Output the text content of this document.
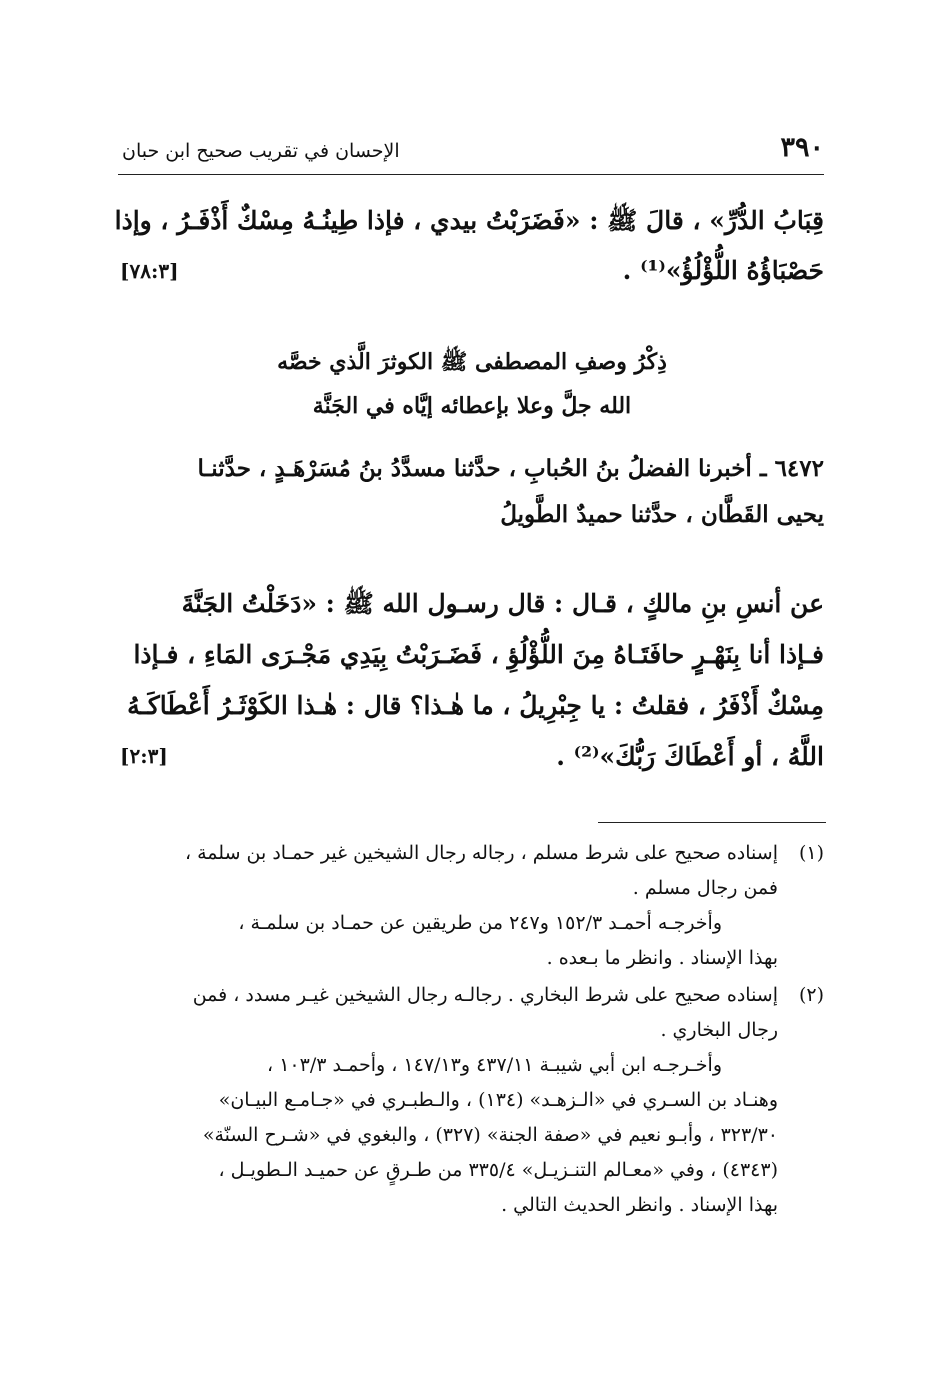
٣٩٠
الإحسان في تقريب صحيح ابن حبان
قِبَابُ الدُّرِّ» ، قالَ ﷺ : «فَضَرَبْتُ بيدي ، فإذا طِينُـهُ مِسْكٌ أَذْفَـرُ ، وإذا
حَصْبَاؤُهُ اللُّؤْلُؤُ»⁽¹⁾ .
[٧٨:٣]
ذِكْرُ وصفِ المصطفى ﷺ الكوثرَ الَّذي خصَّه
الله جلَّ وعلا بإعطائه إيَّاه في الجَنَّة
٦٤٧٢ ـ أخبرنا الفضلُ بنُ الحُبابِ ، حدَّثنا مسدَّدُ بنُ مُسَرْهَـدٍ ، حدَّثنـا
يحيى القَطَّان ، حدَّثنا حميدٌ الطَّويلُ
عن أنسِ بنِ مالكٍ ، قـال : قال رسـول الله ﷺ : «دَخَلْتُ الجَنَّةَ
فـإذا أنا بِنَهْـرٍ حافَتَـاهُ مِنَ اللُّؤْلُؤِ ، فَضَـرَبْتُ بِيَدِي مَجْـرَى المَاءِ ، فـإذا
مِسْكٌ أَذْفَرُ ، فقلتُ : يا جِبْرِيلُ ، ما هٰـذا؟ قال : هٰـذا الكَوْثَـرُ أَعْطَاكَـهُ
اللَّهُ ، أو أَعْطَاكَ رَبُّكَ»⁽²⁾ .
[٢:٣]
(١)
إسناده صحيح على شرط مسلم ، رجاله رجال الشيخين غير حمـاد بن سلمة ،
فمن رجال مسلم .
وأخرجـه أحمـد ١٥٢/٣ و٢٤٧ من طريقين عن حمـاد بن سلمـة ،
بهذا الإسناد . وانظر ما بـعده .
(٢)
إسناده صحيح على شرط البخاري . رجالـه رجال الشيخين غيـر مسدد ، فمن
رجال البخاري .
وأخـرجـه ابن أبي شيبـة ٤٣٧/١١ و١٤٧/١٣ ، وأحمـد ١٠٣/٣ ،
وهنـاد بن السـري في «الـزهـد» (١٣٤) ، والـطبـري في «جـامـع البيـان»
٣٢٣/٣٠ ، وأبـو نعيم في «صفة الجنة» (٣٢٧) ، والبغوي في «شـرح السنّة»
(٤٣٤٣) ، وفي «معـالم التنـزيـل» ٣٣٥/٤ من طـرقٍ عن حميـد الـطويـل ،
بهذا الإسناد . وانظر الحديث التالي .
